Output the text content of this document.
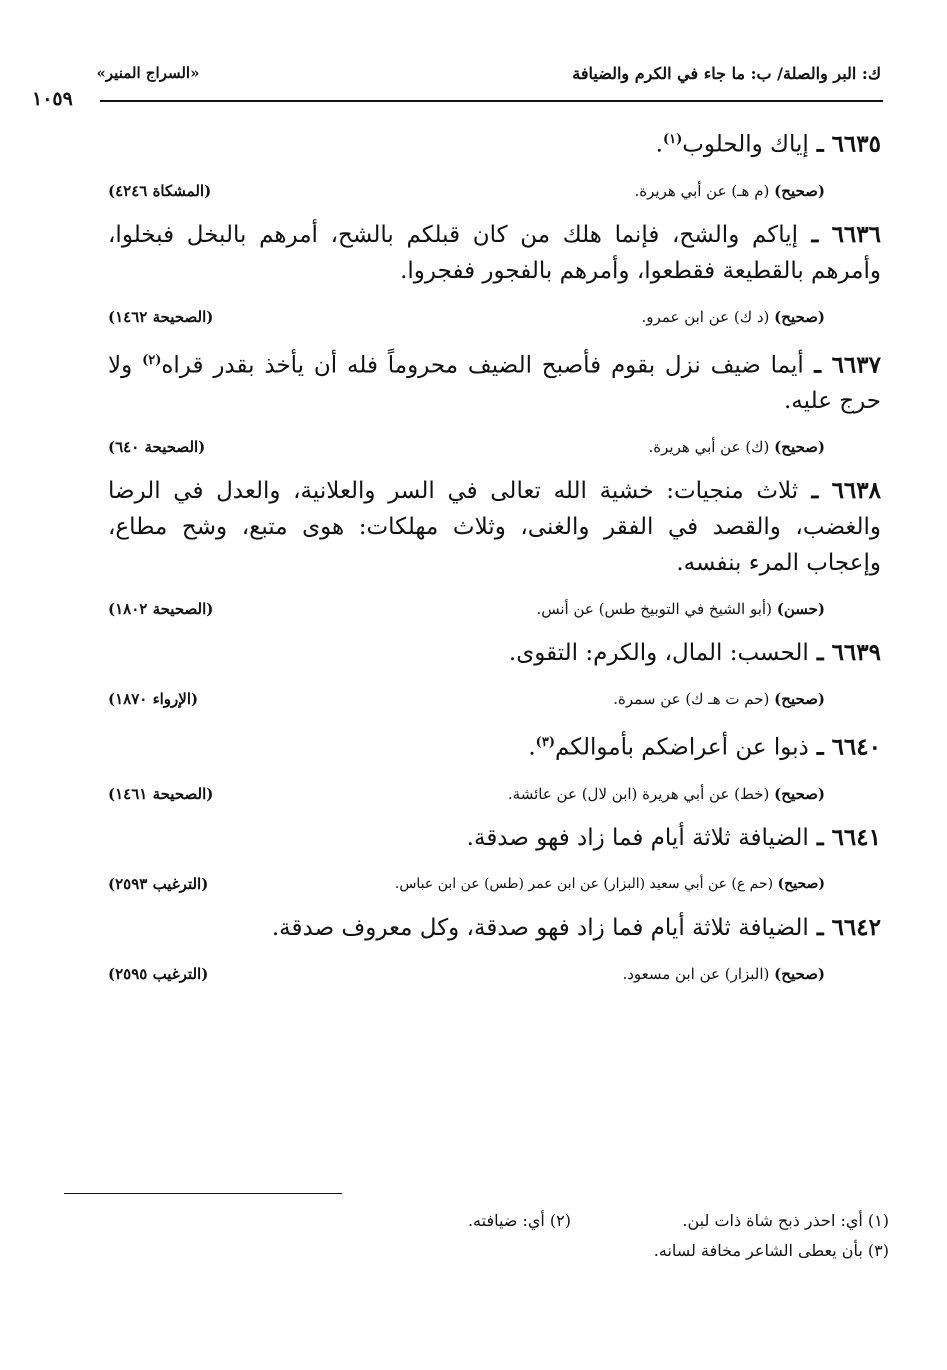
ك: البر والصلة/ ب: ما جاء في الكرم والضيافة
«السراج المنير»
١٠٥٩

٦٦٣٥ ـ إياك والحلوب$^{(١)}$.

(صحيح) (م هـ) عن أبي هريرة.
(المشكاة ٤٢٤٦)

٦٦٣٦ ـ إياكم والشح، فإنما هلك من كان قبلكم بالشح، أمرهم بالبخل فبخلوا، وأمرهم بالقطيعة فقطعوا، وأمرهم بالفجور ففجروا.

(صحيح) (د ك) عن ابن عمرو.
(الصحيحة ١٤٦٢)

٦٦٣٧ ـ أيما ضيف نزل بقوم فأصبح الضيف محروماً فله أن يأخذ بقدر قراه$^{(٢)}$ ولا حرج عليه.

(صحيح) (ك) عن أبي هريرة.
(الصحيحة ٦٤٠)

٦٦٣٨ ـ ثلاث منجيات: خشية الله تعالى في السر والعلانية، والعدل في الرضا والغضب، والقصد في الفقر والغنى، وثلاث مهلكات: هوى متبع، وشح مطاع، وإعجاب المرء بنفسه.

(حسن) (أبو الشيخ في التوبيخ طس) عن أنس.
(الصحيحة ١٨٠٢)

٦٦٣٩ ـ الحسب: المال، والكرم: التقوى.

(صحيح) (حم ت هـ ك) عن سمرة.
(الإرواء ١٨٧٠)

٦٦٤٠ ـ ذبوا عن أعراضكم بأموالكم$^{(٣)}$.

(صحيح) (خط) عن أبي هريرة (ابن لال) عن عائشة.
(الصحيحة ١٤٦١)

٦٦٤١ ـ الضيافة ثلاثة أيام فما زاد فهو صدقة.

(صحيح) (حم ع) عن أبي سعيد (البزار) عن ابن عمر (طس) عن ابن عباس.
(الترغيب ٢٥٩٣)

٦٦٤٢ ـ الضيافة ثلاثة أيام فما زاد فهو صدقة، وكل معروف صدقة.

(صحيح) (البزار) عن ابن مسعود.
(الترغيب ٢٥٩٥)
(١) أي: احذر ذبح شاة ذات لبن.
(٢) أي: ضيافته.
(٣) بأن يعطى الشاعر مخافة لسانه.
